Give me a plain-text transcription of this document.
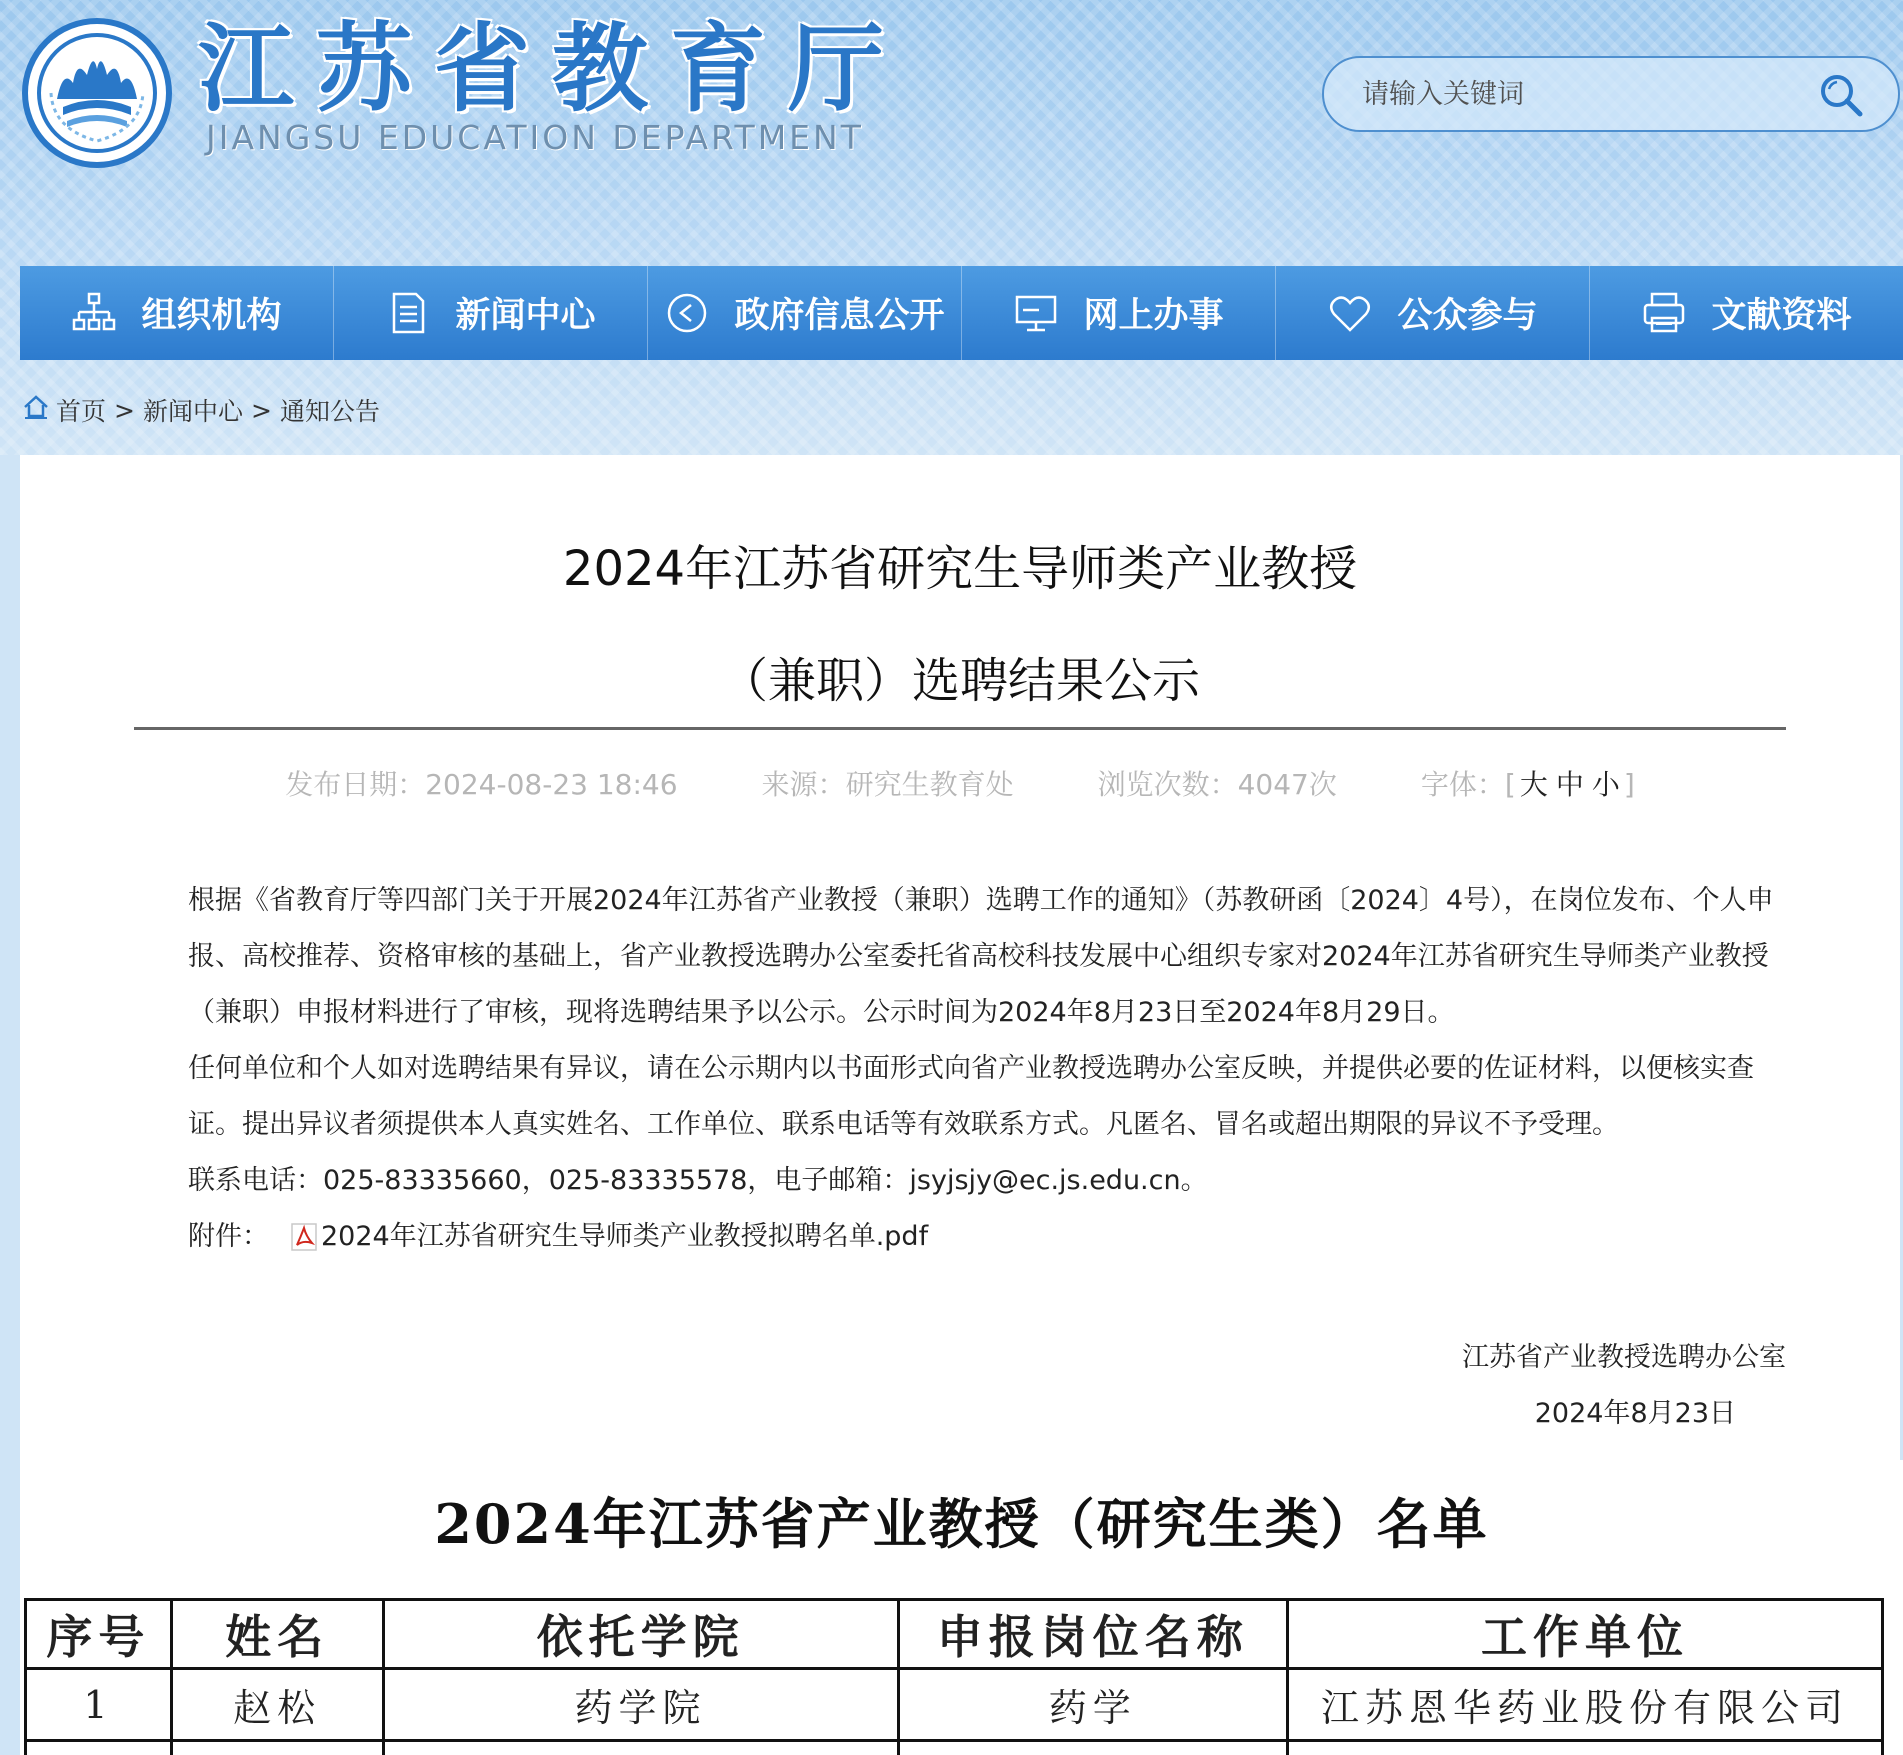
江苏省教育厅
JIANGSU EDUCATION DEPARTMENT
请输入关键词
组织机构	新闻中心	政府信息公开	网上办事	公众参与	文献资料
首页 > 新闻中心 > 通知公告
2024年江苏省研究生导师类产业教授
（兼职）选聘结果公示
发布日期：2024-08-23 18:46	来源：研究生教育处	浏览次数：4047次	字体：[ 大 中 小 ]

根据《省教育厅等四部门关于开展2024年江苏省产业教授（兼职）选聘工作的通知》（苏教研函〔2024〕4号），在岗位发布、个人申报、高校推荐、资格审核的基础上，省产业教授选聘办公室委托省高校科技发展中心组织专家对2024年江苏省研究生导师类产业教授（兼职）申报材料进行了审核，现将选聘结果予以公示。公示时间为2024年8月23日至2024年8月29日。

任何单位和个人如对选聘结果有异议，请在公示期内以书面形式向省产业教授选聘办公室反映，并提供必要的佐证材料，以便核实查证。提出异议者须提供本人真实姓名、工作单位、联系电话等有效联系方式。凡匿名、冒名或超出期限的异议不予受理。

联系电话：025-83335660，025-83335578，电子邮箱：jsyjsjy@ec.js.edu.cn。
附件： 2024年江苏省研究生导师类产业教授拟聘名单.pdf
江苏省产业教授选聘办公室
2024年8月23日
2024年江苏省产业教授（研究生类）名单
序号	姓名	依托学院	申报岗位名称	工作单位
1	赵松	药学院	药学	江苏恩华药业股份有限公司
